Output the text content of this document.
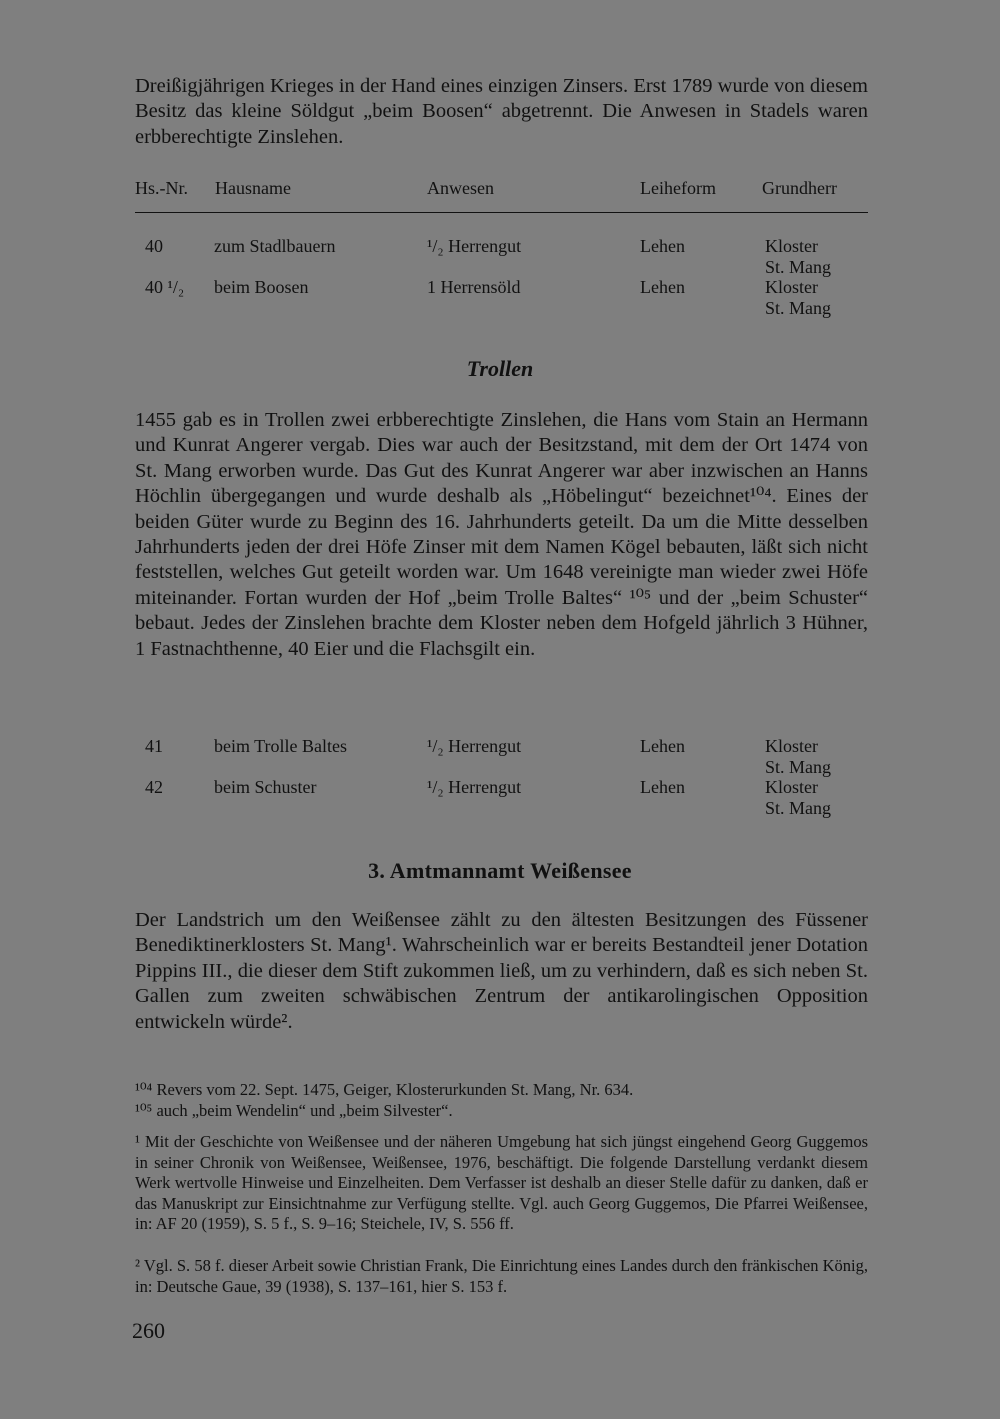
Dreißigjährigen Krieges in der Hand eines einzigen Zinsers. Erst 1789 wurde von diesem Besitz das kleine Söldgut „beim Boosen“ abgetrennt. Die Anwesen in Stadels waren erbberechtigte Zinslehen.

Hs.-Nr. Hausname	Anwesen	Leiheform	Grundherr
40	zum Stadlbauern	¹/₂ Herrengut	Lehen	Kloster
St. Mang
40 ¹/₂ beim Boosen	1 Herrensöld	Lehen	Kloster
St. Mang
Trollen

1455 gab es in Trollen zwei erbberechtigte Zinslehen, die Hans vom Stain an Hermann und Kunrat Angerer vergab. Dies war auch der Besitzstand, mit dem der Ort 1474 von St. Mang erworben wurde. Das Gut des Kunrat Angerer war aber inzwischen an Hanns Höchlin übergegangen und wurde deshalb als „Höbelingut“ bezeichnet¹⁰⁴. Eines der beiden Güter wurde zu Beginn des 16. Jahrhunderts geteilt. Da um die Mitte desselben Jahrhunderts jeden der drei Höfe Zinser mit dem Namen Kögel bebauten, läßt sich nicht feststellen, welches Gut geteilt worden war. Um 1648 vereinigte man wieder zwei Höfe miteinander. Fortan wurden der Hof „beim Trolle Baltes“ ¹⁰⁵ und der „beim Schuster“ bebaut. Jedes der Zinslehen brachte dem Kloster neben dem Hofgeld jährlich 3 Hühner, 1 Fastnachthenne, 40 Eier und die Flachsgilt ein.

41	beim Trolle Baltes	¹/₂ Herrengut	Lehen	Kloster
St. Mang
42	beim Schuster	¹/₂ Herrengut	Lehen	Kloster
St. Mang
3. Amtmannamt Weißensee

Der Landstrich um den Weißensee zählt zu den ältesten Besitzungen des Füssener Benediktinerklosters St. Mang¹. Wahrscheinlich war er bereits Bestandteil jener Dotation Pippins III., die dieser dem Stift zukommen ließ, um zu verhindern, daß es sich neben St. Gallen zum zweiten schwäbischen Zentrum der antikarolingischen Opposition entwickeln würde².

¹⁰⁴ Revers vom 22. Sept. 1475, Geiger, Klosterurkunden St. Mang, Nr. 634.

¹⁰⁵ auch „beim Wendelin“ und „beim Silvester“.

¹ Mit der Geschichte von Weißensee und der näheren Umgebung hat sich jüngst eingehend Georg Guggemos in seiner Chronik von Weißensee, Weißensee, 1976, beschäftigt. Die folgende Darstellung verdankt diesem Werk wertvolle Hinweise und Einzelheiten. Dem Verfasser ist deshalb an dieser Stelle dafür zu danken, daß er das Manuskript zur Einsichtnahme zur Verfügung stellte. Vgl. auch Georg Guggemos, Die Pfarrei Weißensee, in: AF 20 (1959), S. 5 f., S. 9–16; Steichele, IV, S. 556 ff.

² Vgl. S. 58 f. dieser Arbeit sowie Christian Frank, Die Einrichtung eines Landes durch den fränkischen König, in: Deutsche Gaue, 39 (1938), S. 137–161, hier S. 153 f.

260
